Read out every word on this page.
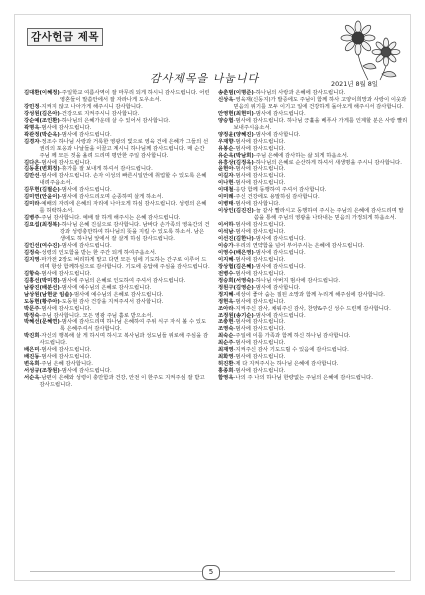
감사헌금 제목
감사제목을 나눕니다	2021년 8월 8일
김대환(이혜정) -주일학교 여름사역이 잘 마무리 되게 하시니 감사드립니다. 어린 영혼들이 말씀안에서 잘 자라나게 도우소서.
강민정 -지켜지 않고 나아가게 해주시니 감사합니다.
강성원(김은아) -건강으로 지켜주시니 감사합니다.
강순예(조인환) -하나님의 은혜가운데 살 수 있어서 감사합니다.
곽명옥 -범사에 감사드립니다.
곽관정(박순옥) -범사에 감사드립니다.
김경자 -정조수 하나님 사랑과 거룩한 영광의 빛으로 영육 건에 은혜가 그들의 선 권리의 포옹과 나날들을 이끌고 계시니 하나님께 감사드립니다. 매 순간 주님 께 모든 것을 올려 드리며 평안한 주일 감사합니다.
김다은 -범사에 감사드립니다.
김동훈(변희정) -휴가를 잘 보내게 하셔서 감사드립니다.
김만선 -범사에 감사드립니다. 손자 이성의 빠른시일안에 취업할 수 있도록 은혜 내려주옵소서.
김무현(김필순) -범사에 감사드립니다.
김미연(안윤이) -범사에 감사드리오며 순종하며 살게 하소서.
김미라 -예배의 자리에 은혜의 자리에 나아오게 하심 감사드립니다. 성령의 은혜를 허락하소서.
김병주 -주님 감사합니다. 예배 잘 하게 해주시는 은혜 감사드립니다.
김요섭(최정복) -하나님 은혜 진실으로 감사합니다. 남바다 손가족의 영육간의 건강과 성령충만하여 하나님의 뜻을 지킬 수 있도록 하소서. 남은 생에도 하나님 앞에서 잘 살게 하심 감사드립니다.
김인선(여수진) -범사에 감사드립니다.
김정숙 -성령의 인도함을 받는 한 주간 되게 하여주옵소서.
김지영 -마가전 2장도 벼리하게 맡고 다면 모든 임에 기도하는 간구로 이루어 드리며 항상 함께하심으로 감사합니다. 기도에 응답해 주심을 감사드립니다.
김항숙 -범사에 감사드립니다.
김홍선(박미경) -범사에 주님의 은혜로 인도하여 주셔서 감사드립니다.
남광진(배분선) -범사에 예수님의 은혜로 감사드립니다.
남상원(남현균 임솔) -범사에 예수님의 은혜로 감사드립니다.
도동현(황주아) -도동현 감사 건강을 지켜주셔서 감사합니다.
박문주 -범사에 감사드립니다.
박정숙 -주님 감사합니다. 모든 영광 주님 홀로 받으소서.
박혜선(문혜연) -범사에 감사드리며 하나님 은혜하여 주위 식구 자식 볼 수 있도록 은혜주셔서 감사합니다.
박진희 -자신의 행복해 살 게 하시며 하시고 복사님과 성도님들 위로해 주심을 감사드립니다.
배은미 -범사에 감사드립니다.
배진동 -범사에 감사드립니다.
변옥희 -주님 은혜 감사합니다.
서성규(조창원) -범사에 감사드립니다.
서순옥 -남편이 은혜와 성령이 충만함과 건강, 안전 이 한주도 지켜주심 잘 받고 감사드립니다.
송춘범(이명준) -하나님의 사랑과 은혜에 감사드립니다.
신상옥 -영육재(신동지)가 발증에도 주님이 함께 하사 고양이희망과 사랑이 이웃과 믿음의 위기를 모두 이기고 일에 건강하게 돌아오게 해주시서 감사합니다.
안영현(최현미) -범사에 감사드립니다.
양승협 -범사에 감사드립니다. 하나님 긍휼을 베푸사 가게를 인계할 분은 사랑 빨리 보내주시옵소서.
양정윤(양혜진) -범사에 감사합니다.
우재향 -범사에 감사드립니다.
유봉순 -범사에 감사드립니다.
유순옥(박남희) -주님 은혜에 감사하는 삶 되게 하옵소서.
유흥상(김정옥) -하나님의 은혜로 순산하게 하셔서 새생명을 주시니 감사합니다.
윤현아 -범사에 감사드립니다.
이길자 -범사에 감사드립니다.
이나현 -범사에 감사드립니다.
이대철 -응당 함께 동행하여 주셔서 감사합니다.
이미례 -주신 건강에도 용말하심 감사합니다.
이병태 -범사에 감사합니다.
이상인(김진진) -늘 같사 빨라시고 동행하여 주시는 주님의 은혜에 감사드리며 말씀을 통해 주님의 영광을 나타내는 믿음의 가정되게 하옵소서.
이서하 -범사에 감사드립니다.
이석남 -범사에 감사드립니다.
이선진(김한나) -범사에 감사드립니다.
이승가 -우리의 연약함을 넘어 부어주시는 은혜에 감사드립니다.
이영수(배은영) -범사에 감사드립니다.
이지혜 -범사에 감사드립니다.
장상협(김은혜) -범사에 감사드립니다.
전병수 -범사에 감사드립니다.
정승희(서영숙) -하나님 아버지 범사에 감사드립니다.
정원구(김영순) -범사에 감사합니다.
정지혜 -세상이 좋아 숨는 질된 소망과 함께 누리게 해주심에 감사합니다.
정현옥 -범사에 감사드립니다.
조아라 -지켜주신 감사, 채워주신 감사, 찬양&주신 성수 드린께 감사합니다.
조정원(송기순) -범사에 감사드립니다.
조충현 -범사에 감사드립니다.
조영숙 -범사에 감사드립니다.
최숙순 -주일에 이를 가족과 함께 하신 하나님 감사합니다.
최순주 -범사에 감사드립니다.
최재영 -지켜주신 감사 기도드릴 수 있음에 감사드립니다.
최화영 -범사에 감사드립니다.
허진환 -제 다 지켜주시는 하나님 은혜에 감사합니다.
홍종희 -범사에 감사드립니다.
함영옥 -나의 주 나의 하나님 한량없는 주님의 은혜에 감사드립니다.
5
